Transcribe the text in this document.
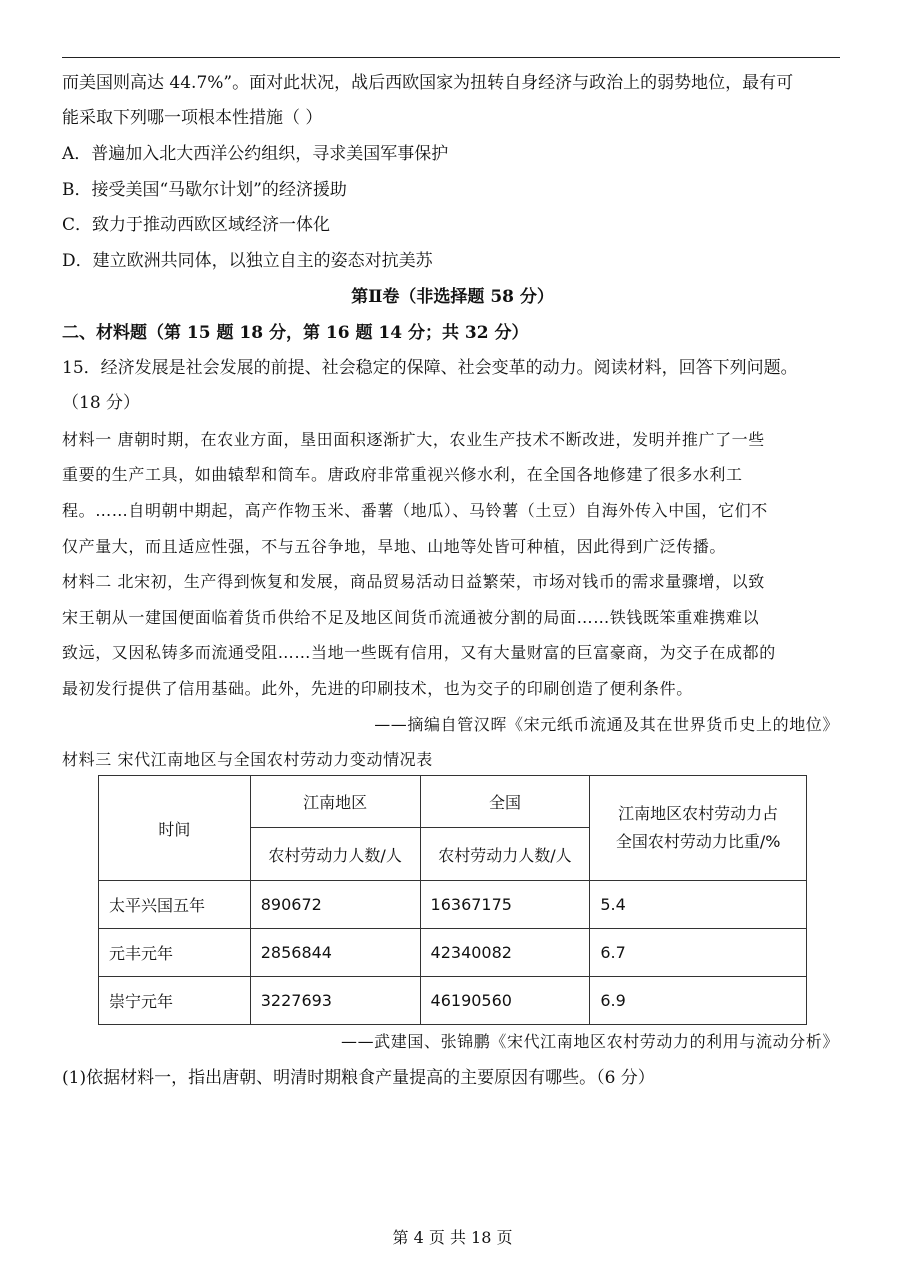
而美国则高达 44.7%”。面对此状况，战后西欧国家为扭转自身经济与政治上的弱势地位，最有可
能采取下列哪一项根本性措施（ ）
A．普遍加入北大西洋公约组织，寻求美国军事保护
B．接受美国“马歇尔计划”的经济援助
C．致力于推动西欧区域经济一体化
D．建立欧洲共同体，以独立自主的姿态对抗美苏
第Ⅱ卷（非选择题 58 分）
二、材料题（第 15 题 18 分，第 16 题 14 分；共 32 分）
15．经济发展是社会发展的前提、社会稳定的保障、社会变革的动力。阅读材料，回答下列问题。
（18 分）
材料一 唐朝时期，在农业方面，垦田面积逐渐扩大，农业生产技术不断改进，发明并推广了一些
重要的生产工具，如曲辕犁和筒车。唐政府非常重视兴修水利，在全国各地修建了很多水利工
程。……自明朝中期起，高产作物玉米、番薯（地瓜）、马铃薯（土豆）自海外传入中国，它们不
仅产量大，而且适应性强，不与五谷争地，旱地、山地等处皆可种植，因此得到广泛传播。
材料二 北宋初，生产得到恢复和发展，商品贸易活动日益繁荣，市场对钱币的需求量骤增，以致
宋王朝从一建国便面临着货币供给不足及地区间货币流通被分割的局面……铁钱既笨重难携难以
致远，又因私铸多而流通受阻……当地一些既有信用，又有大量财富的巨富豪商，为交子在成都的
最初发行提供了信用基础。此外，先进的印刷技术，也为交子的印刷创造了便利条件。
——摘编自管汉晖《宋元纸币流通及其在世界货币史上的地位》
材料三 宋代江南地区与全国农村劳动力变动情况表
时间	江南地区	全国	江南地区农村劳动力占
全国农村劳动力比重/%

	农村劳动力人数/人	农村劳动力人数/人	
太平兴国五年	890672	16367175	5.4
元丰元年	2856844	42340082	6.7
崇宁元年	3227693	46190560	6.9
——武建国、张锦鹏《宋代江南地区农村劳动力的利用与流动分析》
(1)依据材料一，指出唐朝、明清时期粮食产量提高的主要原因有哪些。（6 分）
第 4 页 共 18 页
